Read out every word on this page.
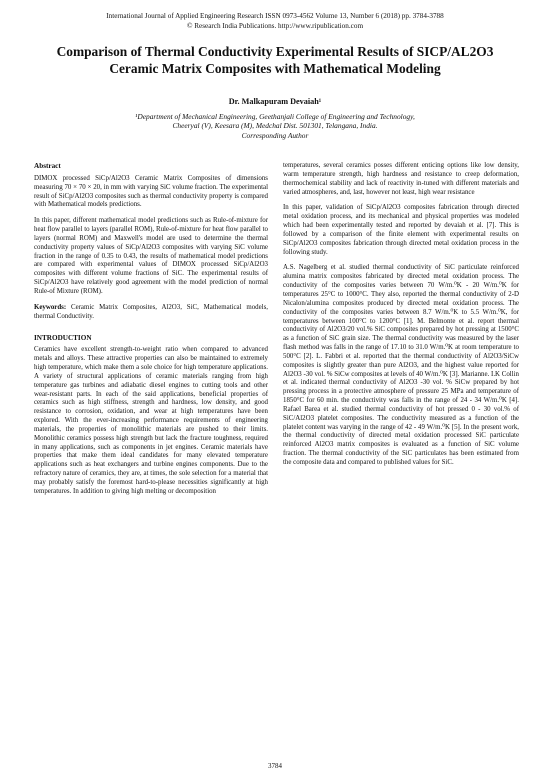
International Journal of Applied Engineering Research ISSN 0973-4562 Volume 13, Number 6 (2018) pp. 3784-3788
© Research India Publications. http://www.ripublication.com
Comparison of Thermal Conductivity Experimental Results of SICP/AL2O3
Ceramic Matrix Composites with Mathematical Modeling
Dr. Malkapuram Devaiah¹
¹Department of Mechanical Engineering, Geethanjali College of Engineering and Technology,
Cheeryal (V), Keesara (M), Medchal Dist. 501301, Telangana, India.
Corresponding Author
Abstract

DIMOX processed SiCp/Al2O3 Ceramic Matrix Composites of dimensions measuring 70 × 70 × 20, in mm with varying SiC volume fraction. The experimental result of SiCp/Al2O3 composites such as thermal conductivity property is compared with Mathematical models predictions.

In this paper, different mathematical model predictions such as Rule-of-mixture for heat flow parallel to layers (parallel ROM), Rule-of-mixture for heat flow parallel to layers (normal ROM) and Maxwell's model are used to determine the thermal conductivity property values of SiCp/Al2O3 composites with varying SiC volume fraction in the range of 0.35 to 0.43, the results of mathematical model predictions are compared with experimental values of DIMOX processed SiCp/Al2O3 composites with different volume fractions of SiC. The experimental results of SiCp/Al2O3 have relatively good agreement with the model prediction of normal Rule-of Mixture (ROM).

Keywords: Ceramic Matrix Composites, Al2O3, SiC, Mathematical models, thermal Conductivity.

INTRODUCTION

Ceramics have excellent strength-to-weight ratio when compared to advanced metals and alloys. These attractive properties can also be maintained to extremely high temperature, which make them a sole choice for high temperature applications. A variety of structural applications of ceramic materials ranging from high temperature gas turbines and adiabatic diesel engines to cutting tools and other wear-resistant parts. In each of the said applications, beneficial properties of ceramics such as high stiffness, strength and hardness, low density, and good resistance to corrosion, oxidation, and wear at high temperatures have been explored. With the ever-increasing performance requirements of engineering materials, the properties of monolithic materials are pushed to their limits. Monolithic ceramics possess high strength but lack the fracture toughness, required in many applications, such as components in jet engines. Ceramic materials have properties that make them ideal candidates for many elevated temperature applications such as heat exchangers and turbine engines components. Due to the refractory nature of ceramics, they are, at times, the sole selection for a material that may probably satisfy the foremost hard-to-please necessities significantly at high temperatures. In addition to giving high melting or decomposition

temperatures, several ceramics posses different enticing options like low density, warm temperature strength, high hardness and resistance to creep deformation, thermochemical stability and lack of reactivity in-tuned with different materials and varied atmospheres, and, last, however not least, high wear resistance

In this paper, validation of SiCp/Al2O3 composites fabrication through directed metal oxidation process, and its mechanical and physical properties was modeled which had been experimentally tested and reported by devaiah et al. [7]. This is followed by a comparison of the finite element with experimental results on SiCp/Al2O3 composites fabrication through directed metal oxidation process in the following study.

A.S. Nagelberg et al. studied thermal conductivity of SiC particulate reinforced alumina matrix composites fabricated by directed metal oxidation process. The conductivity of the composites varies between 70 W/m.⁰K - 20 W/m.⁰K for temperatures 25°C to 1000°C. They also, reported the thermal conductivity of 2-D Nicalon/alumina composites produced by directed metal oxidation process. The conductivity of the composites varies between 8.7 W/m.⁰K to 5.5 W/m.⁰K, for temperatures between 100°C to 1200°C [1]. M. Belmonte et al. report thermal conductivity of Al2O3/20 vol.% SiC composites prepared by hot pressing at 1500°C as a function of SiC grain size. The thermal conductivity was measured by the laser flash method was falls in the range of 17.10 to 31.0 W/m.⁰K at room temperature to 500°C [2]. L. Fabbri et al. reported that the thermal conductivity of Al2O3/SiCw composites is slightly greater than pure Al2O3, and the highest value reported for Al2O3 -30 vol. % SiCw composites at levels of 40 W/m.⁰K [3]. Marianne. I.K Collin et al. indicated thermal conductivity of Al2O3 -30 vol. % SiCw prepared by hot pressing process in a protective atmosphere of pressure 25 MPa and temperature of 1850°C for 60 min. the conductivity was falls in the range of 24 - 34 W/m.⁰K [4]. Rafael Barea et al. studied thermal conductivity of hot pressed 0 - 30 vol.% of SiC/Al2O3 platelet composites. The conductivity measured as a function of the platelet content was varying in the range of 42 - 49 W/m.⁰K [5]. In the present work, the thermal conductivity of directed metal oxidation processed SiC particulate reinforced Al2O3 matrix composites is evaluated as a function of SiC volume fraction. The thermal conductivity of the SiC particulates has been estimated from the composite data and compared to published values for SiC.

3784
